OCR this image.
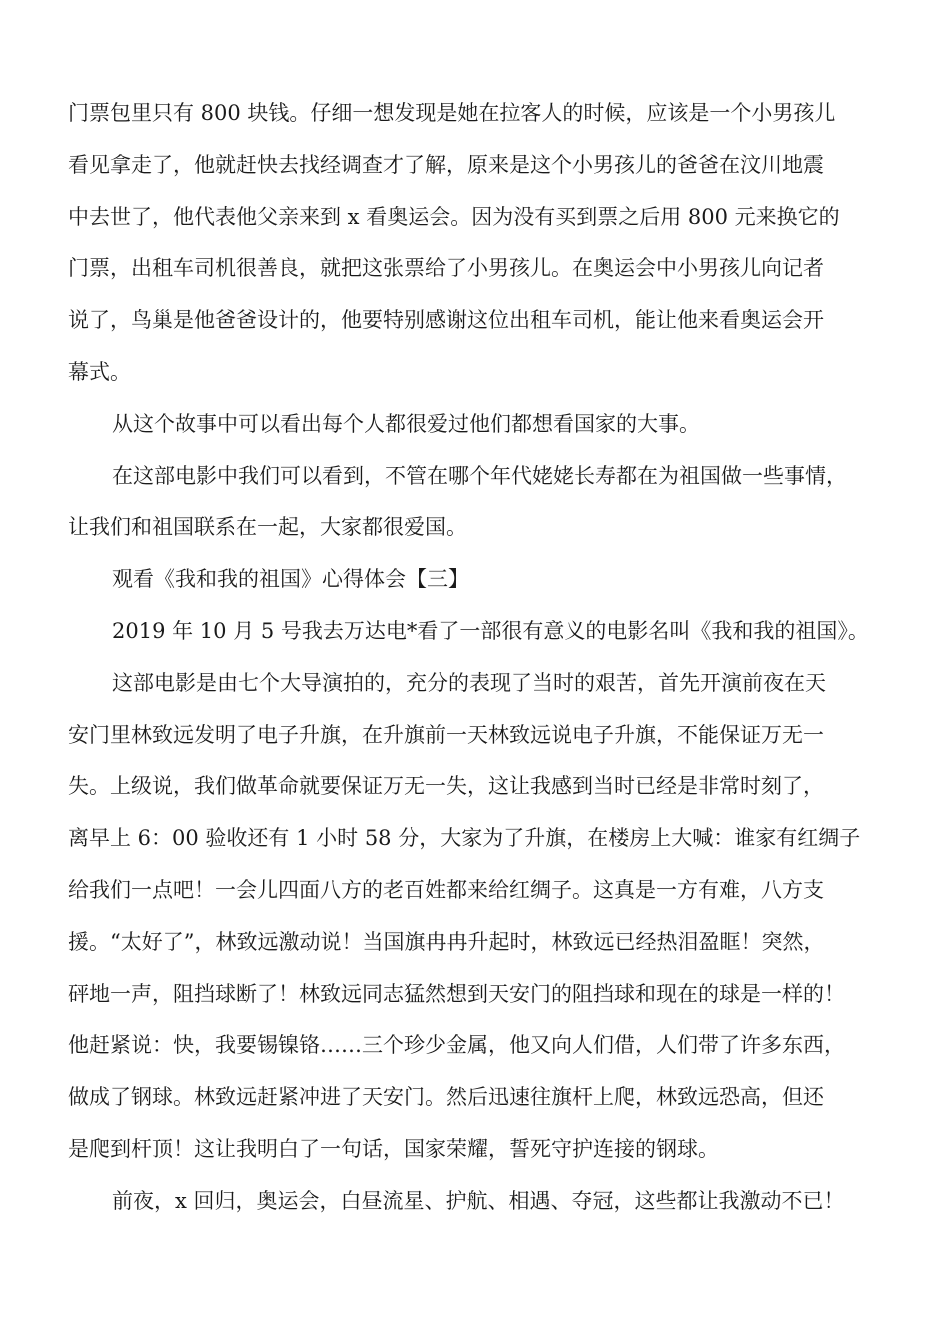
门票包里只有 800 块钱。仔细一想发现是她在拉客人的时候，应该是一个小男孩儿
看见拿走了，他就赶快去找经调查才了解，原来是这个小男孩儿的爸爸在汶川地震
中去世了，他代表他父亲来到 x 看奥运会。因为没有买到票之后用 800 元来换它的
门票，出租车司机很善良，就把这张票给了小男孩儿。在奥运会中小男孩儿向记者
说了，鸟巢是他爸爸设计的，他要特别感谢这位出租车司机，能让他来看奥运会开
幕式。
从这个故事中可以看出每个人都很爱过他们都想看国家的大事。
在这部电影中我们可以看到，不管在哪个年代姥姥长寿都在为祖国做一些事情，
让我们和祖国联系在一起，大家都很爱国。
观看《我和我的祖国》心得体会【三】
2019 年 10 月 5 号我去万达电*看了一部很有意义的电影名叫《我和我的祖国》。
这部电影是由七个大导演拍的，充分的表现了当时的艰苦，首先开演前夜在天
安门里林致远发明了电子升旗，在升旗前一天林致远说电子升旗，不能保证万无一
失。上级说，我们做革命就要保证万无一失，这让我感到当时已经是非常时刻了，
离早上 6：00 验收还有 1 小时 58 分，大家为了升旗，在楼房上大喊：谁家有红绸子
给我们一点吧！一会儿四面八方的老百姓都来给红绸子。这真是一方有难，八方支
援。“太好了”，林致远激动说！当国旗冉冉升起时，林致远已经热泪盈眶！突然，
砰地一声，阻挡球断了！林致远同志猛然想到天安门的阻挡球和现在的球是一样的！
他赶紧说：快，我要锡镍铬……三个珍少金属，他又向人们借，人们带了许多东西，
做成了钢球。林致远赶紧冲进了天安门。然后迅速往旗杆上爬，林致远恐高，但还
是爬到杆顶！这让我明白了一句话，国家荣耀，誓死守护连接的钢球。
前夜，x 回归，奥运会，白昼流星、护航、相遇、夺冠，这些都让我激动不已！
